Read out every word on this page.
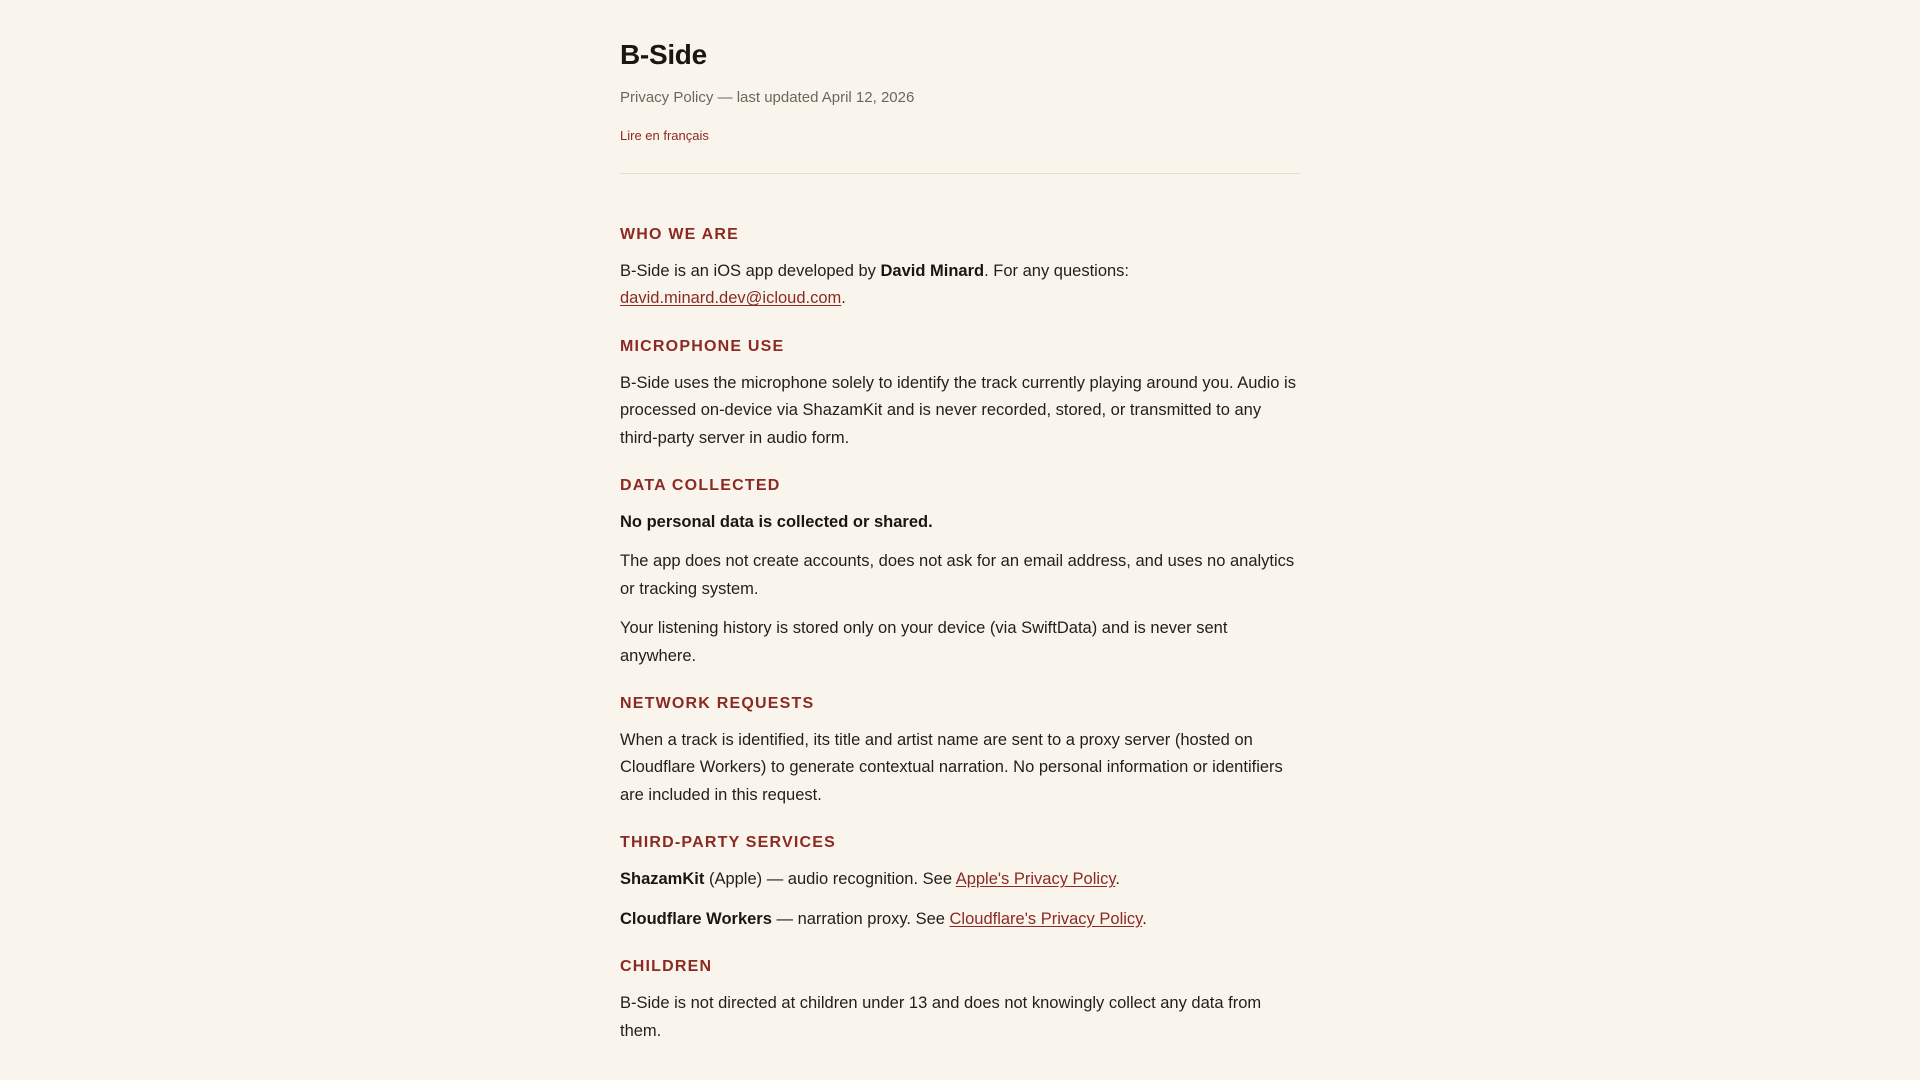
B-Side

Privacy Policy — last updated April 12, 2026

Lire en français
WHO WE ARE

B-Side is an iOS app developed by David Minard. For any questions: david.minard.dev@icloud.com.

MICROPHONE USE

B-Side uses the microphone solely to identify the track currently playing around you. Audio is processed on-device via ShazamKit and is never recorded, stored, or transmitted to any third-party server in audio form.

DATA COLLECTED

No personal data is collected or shared.

The app does not create accounts, does not ask for an email address, and uses no analytics or tracking system.

Your listening history is stored only on your device (via SwiftData) and is never sent anywhere.

NETWORK REQUESTS

When a track is identified, its title and artist name are sent to a proxy server (hosted on Cloudflare Workers) to generate contextual narration. No personal information or identifiers are included in this request.

THIRD-PARTY SERVICES

ShazamKit (Apple) — audio recognition. See Apple's Privacy Policy.

Cloudflare Workers — narration proxy. See Cloudflare's Privacy Policy.

CHILDREN

B-Side is not directed at children under 13 and does not knowingly collect any data from them.
